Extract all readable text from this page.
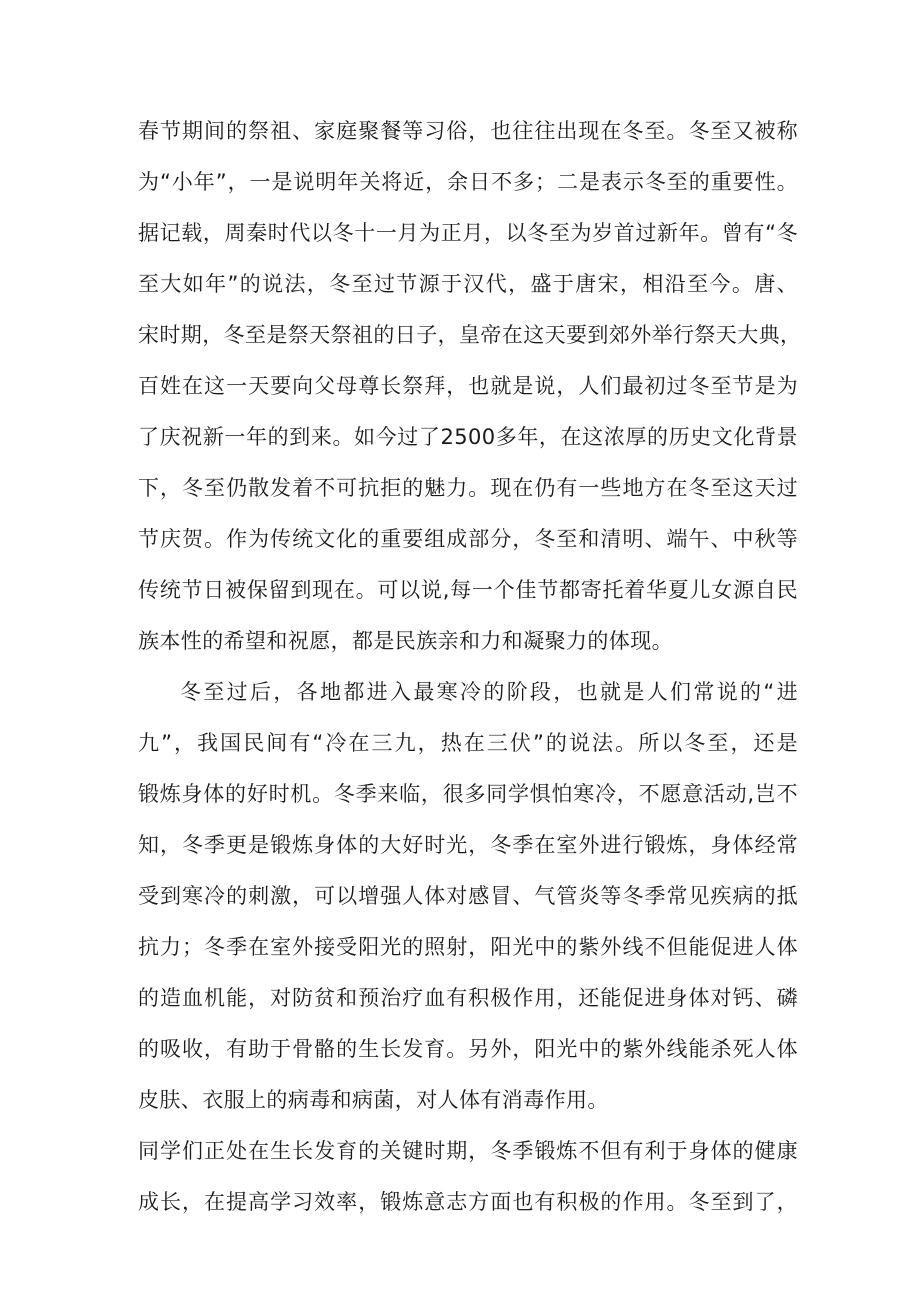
春节期间的祭祖、家庭聚餐等习俗，也往往出现在冬至。冬至又被称
为“小年”，一是说明年关将近，余日不多；二是表示冬至的重要性。
据记载，周秦时代以冬十一月为正月，以冬至为岁首过新年。曾有“冬
至大如年”的说法，冬至过节源于汉代，盛于唐宋，相沿至今。唐、
宋时期，冬至是祭天祭祖的日子，皇帝在这天要到郊外举行祭天大典，
百姓在这一天要向父母尊长祭拜，也就是说，人们最初过冬至节是为
了庆祝新一年的到来。如今过了2500多年，在这浓厚的历史文化背景
下，冬至仍散发着不可抗拒的魅力。现在仍有一些地方在冬至这天过
节庆贺。作为传统文化的重要组成部分，冬至和清明、端午、中秋等
传统节日被保留到现在。可以说,每一个佳节都寄托着华夏儿女源自民
族本性的希望和祝愿，都是民族亲和力和凝聚力的体现。
冬至过后，各地都进入最寒冷的阶段，也就是人们常说的“进
九”，我国民间有“冷在三九，热在三伏”的说法。所以冬至，还是
锻炼身体的好时机。冬季来临，很多同学惧怕寒冷，不愿意活动,岂不
知，冬季更是锻炼身体的大好时光，冬季在室外进行锻炼，身体经常
受到寒冷的刺激，可以增强人体对感冒、气管炎等冬季常见疾病的抵
抗力；冬季在室外接受阳光的照射，阳光中的紫外线不但能促进人体
的造血机能，对防贫和预治疗血有积极作用，还能促进身体对钙、磷
的吸收，有助于骨骼的生长发育。另外，阳光中的紫外线能杀死人体
皮肤、衣服上的病毒和病菌，对人体有消毒作用。
同学们正处在生长发育的关键时期，冬季锻炼不但有利于身体的健康
成长，在提高学习效率，锻炼意志方面也有积极的作用。冬至到了，
